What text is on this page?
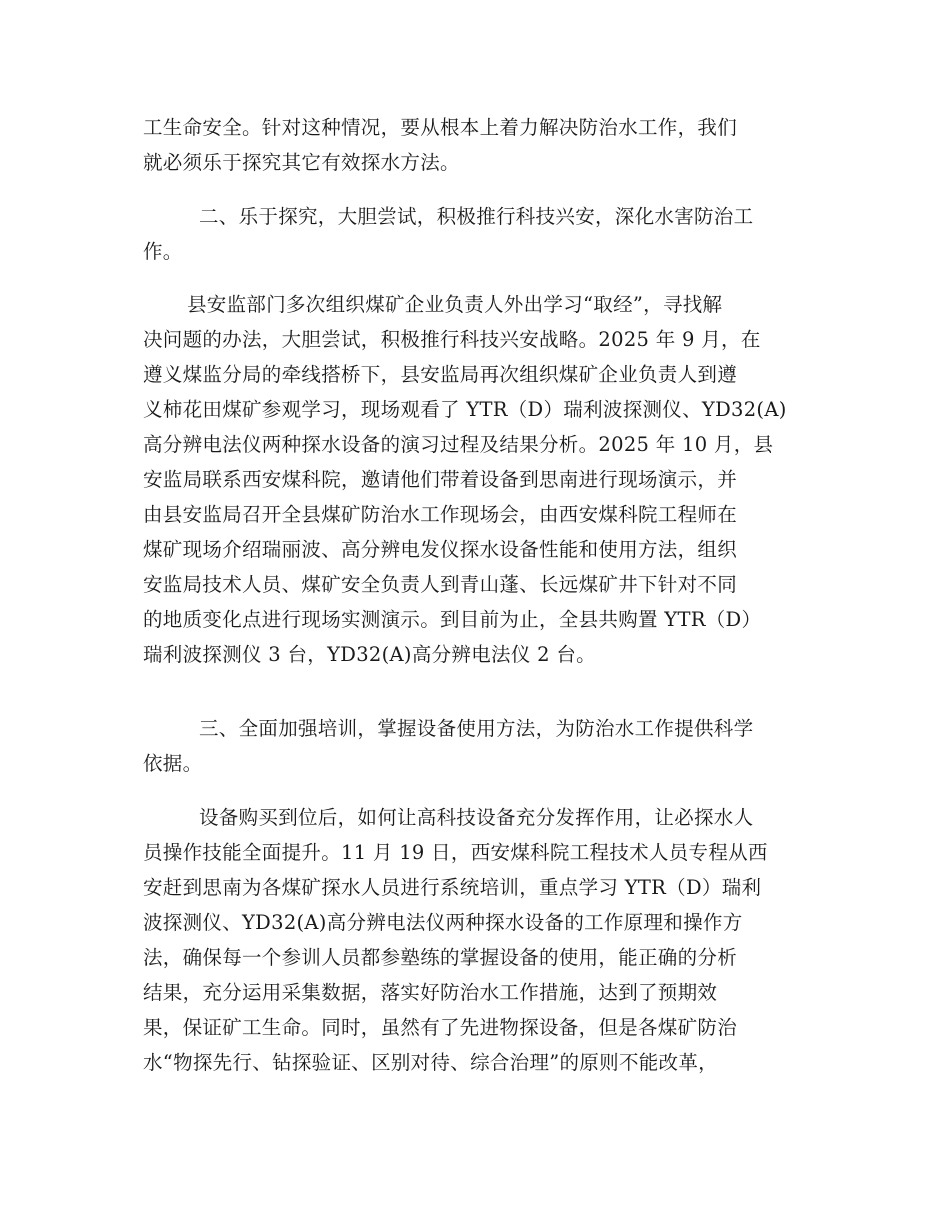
工生命安全。针对这种情况，要从根本上着力解决防治水工作，我们
就必须乐于探究其它有效探水方法。
二、乐于探究，大胆尝试，积极推行科技兴安，深化水害防治工
作。
县安监部门多次组织煤矿企业负责人外出学习“取经”，寻找解
决问题的办法，大胆尝试，积极推行科技兴安战略。2025 年 9 月，在
遵义煤监分局的牵线搭桥下，县安监局再次组织煤矿企业负责人到遵
义柿花田煤矿参观学习，现场观看了 YTR（D）瑞利波探测仪、YD32(A)
高分辨电法仪两种探水设备的演习过程及结果分析。2025 年 10 月，县
安监局联系西安煤科院，邀请他们带着设备到思南进行现场演示，并
由县安监局召开全县煤矿防治水工作现场会，由西安煤科院工程师在
煤矿现场介绍瑞丽波、高分辨电发仪探水设备性能和使用方法，组织
安监局技术人员、煤矿安全负责人到青山蓬、长远煤矿井下针对不同
的地质变化点进行现场实测演示。到目前为止，全县共购置 YTR（D）
瑞利波探测仪 3 台，YD32(A)高分辨电法仪 2 台。
三、全面加强培训，掌握设备使用方法，为防治水工作提供科学
依据。
设备购买到位后，如何让高科技设备充分发挥作用，让必探水人
员操作技能全面提升。11 月 19 日，西安煤科院工程技术人员专程从西
安赶到思南为各煤矿探水人员进行系统培训，重点学习 YTR（D）瑞利
波探测仪、YD32(A)高分辨电法仪两种探水设备的工作原理和操作方
法，确保每一个参训人员都参塾练的掌握设备的使用，能正确的分析
结果，充分运用采集数据，落实好防治水工作措施，达到了预期效
果，保证矿工生命。同时，虽然有了先进物探设备，但是各煤矿防治
水“物探先行、钻探验证、区别对待、综合治理”的原则不能改革，
